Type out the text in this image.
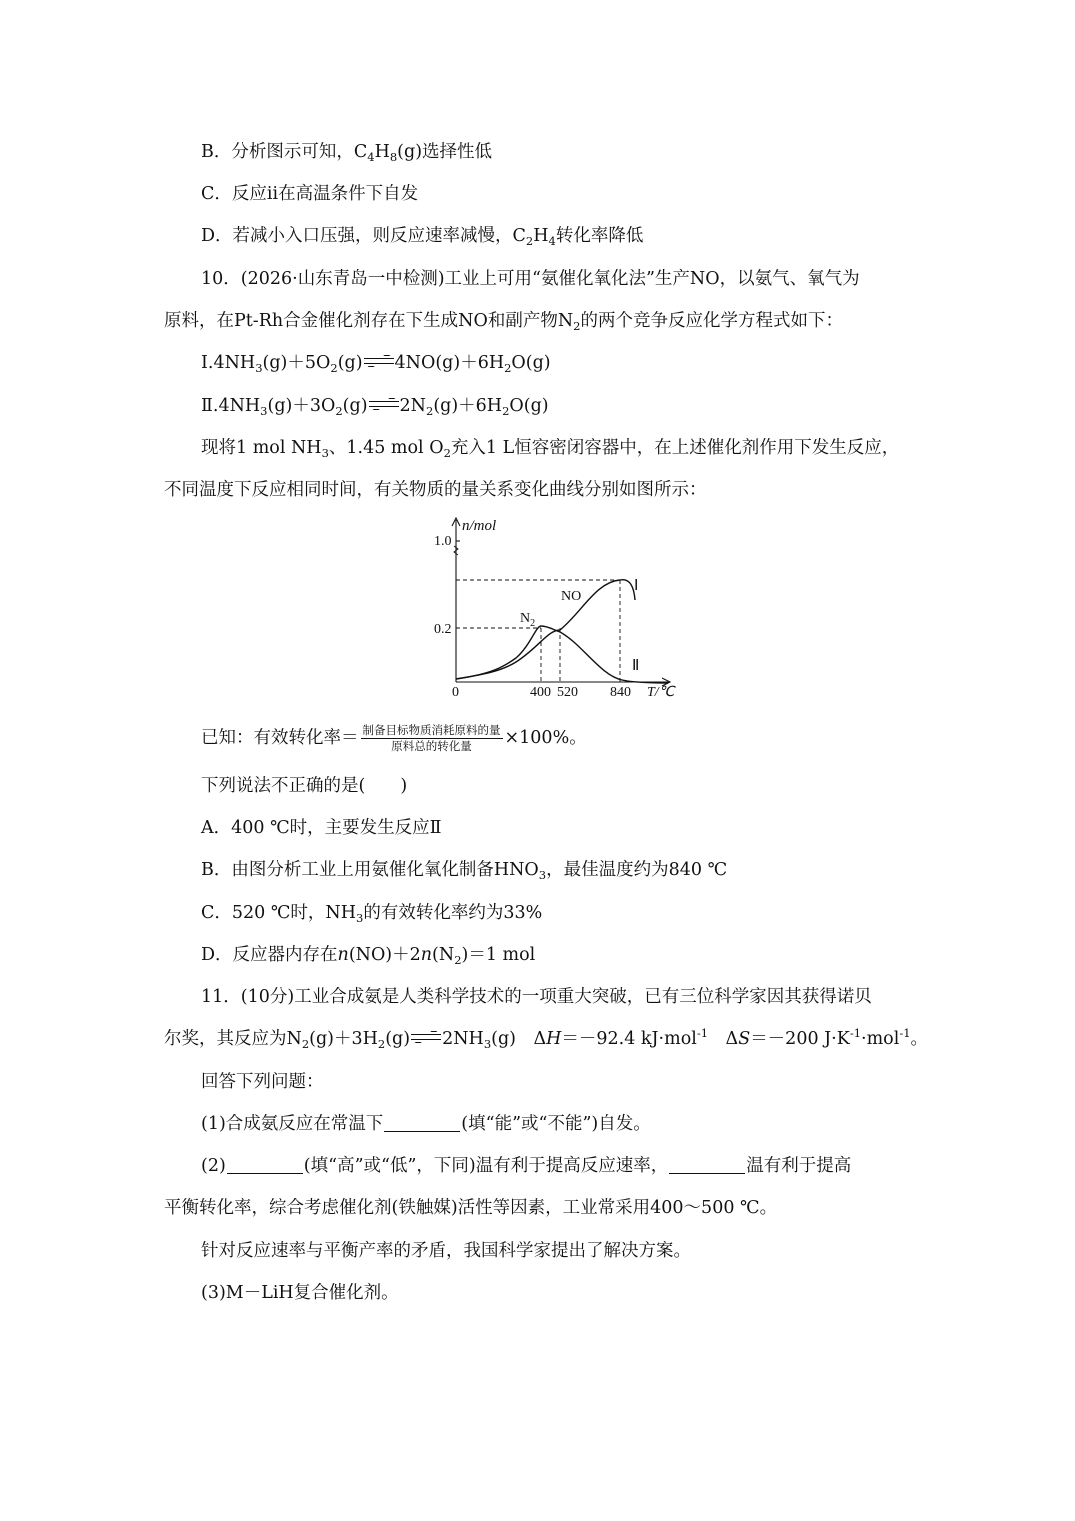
B．分析图示可知，$C_4H_8(g)$选择性低
C．反应ⅱ在高温条件下自发
D．若减小入口压强，则反应速率减慢，$C_2H_4$转化率降低
10．(2026·山东青岛一中检测)工业上可用“氨催化氧化法”生产NO，以氨气、氧气为
原料，在Pt-Rh合金催化剂存在下生成NO和副产物$N_2$的两个竞争反应化学方程式如下：
$Ⅰ.4NH_3(g)+5O_2(g)\to 4NO(g)+6H_2O(g)$
$Ⅱ.4NH_3(g)+3O_2(g)\to 2N_2(g)+6H_2O(g)$
现将1 mol $NH_3$、1.45 mol $O_2$充入1 L恒容密闭容器中，在上述催化剂作用下发生反应，
不同温度下反应相同时间，有关物质的量关系变化曲线分别如图所示：
n/mol
1.0
0.2
0	400 520 840 T/℃
$N_2$
NO
Ⅰ
Ⅱ
已知：有效转化率＝ $\frac{\text{制备目标物质消耗原料的量}}{\text{原料总的转化量}} \times 100\%$。
下列说法不正确的是(　　)
A．400 ℃时，主要发生反应Ⅱ
B．由图分析工业上用氨催化氧化制备$HNO_3$，最佳温度约为840 ℃
C．520 ℃时，$NH_3$的有效转化率约为33%
D．反应器内存在$n(NO)+2n(N_2)=1$ mol
11．(10分)工业合成氨是人类科学技术的一项重大突破，已有三位科学家因其获得诺贝
尔奖，其反应为$N_2(g)+3H_2(g)\to 2NH_3(g)$　ΔH＝－92.4 kJ·mol$^{-1}$　ΔS＝－200 $J\cdot K^{-1}\cdot mol^{-1}$。
回答下列问题：
(1)合成氨反应在常温下	(填“能”或“不能”)自发。
(2)	(填“高”或“低”，下同)温有利于提高反应速率，	温有利于提高
平衡转化率，综合考虑催化剂(铁触媒)活性等因素，工业常采用400～500 ℃。
针对反应速率与平衡产率的矛盾，我国科学家提出了解决方案。
(3)M－LiH复合催化剂。
